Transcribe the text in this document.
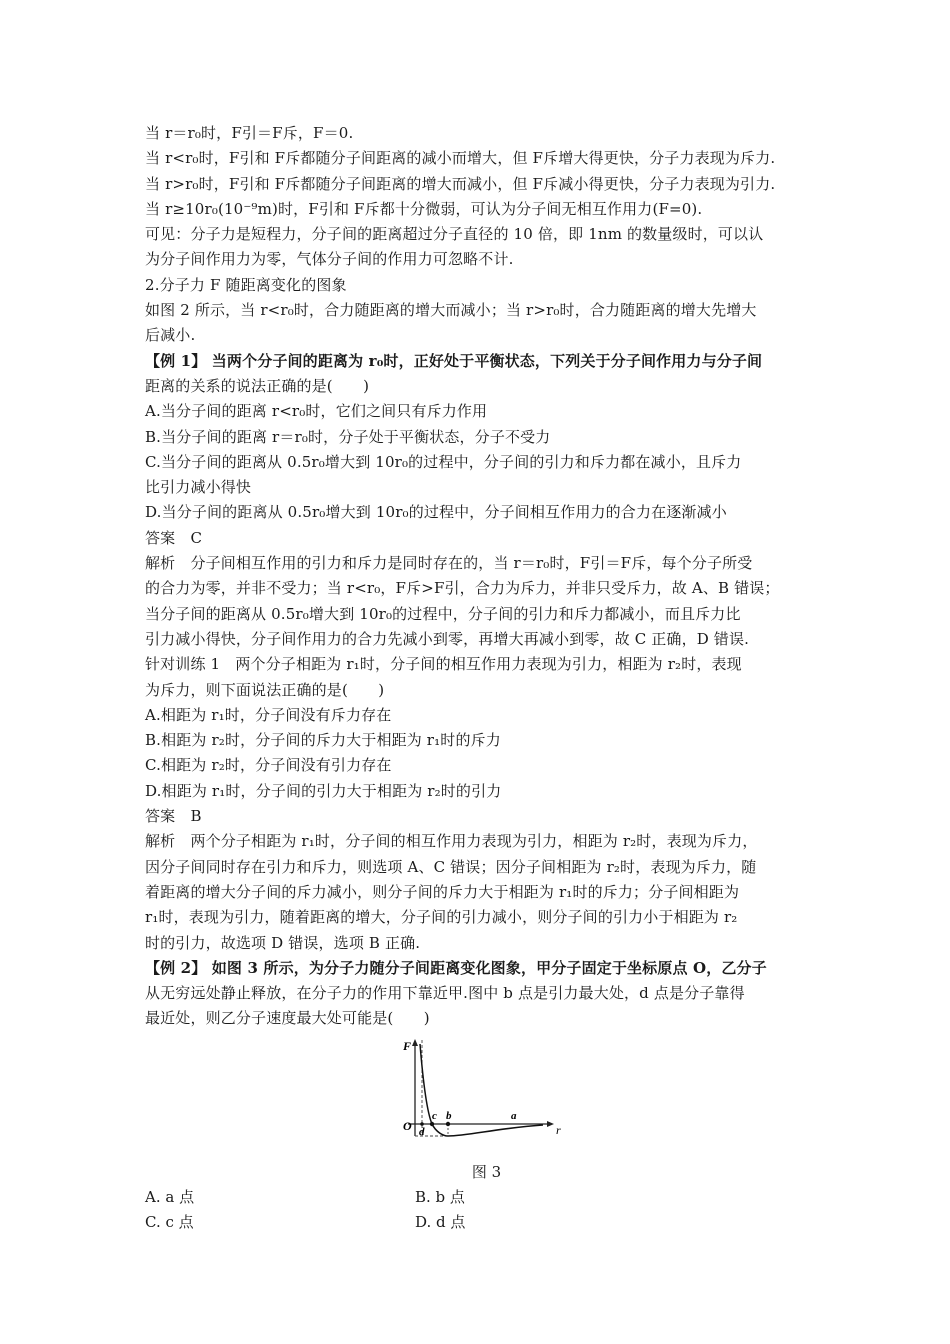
当 r＝r₀时，F引＝F斥，F＝0.
当 r<r₀时，F引和 F斥都随分子间距离的减小而增大，但 F斥增大得更快，分子力表现为斥力.
当 r>r₀时，F引和 F斥都随分子间距离的增大而减小，但 F斥减小得更快，分子力表现为引力.
当 r≥10r₀(10⁻⁹m)时，F引和 F斥都十分微弱，可认为分子间无相互作用力(F=0).
可见：分子力是短程力，分子间的距离超过分子直径的 10 倍，即 1nm 的数量级时，可以认
为分子间作用力为零，气体分子间的作用力可忽略不计.
2.分子力 F 随距离变化的图象
如图 2 所示，当 r<r₀时，合力随距离的增大而减小；当 r>r₀时，合力随距离的增大先增大
后减小.
【例 1】 当两个分子间的距离为 r₀时，正好处于平衡状态，下列关于分子间作用力与分子间
距离的关系的说法正确的是(　　)
A.当分子间的距离 r<r₀时，它们之间只有斥力作用
B.当分子间的距离 r＝r₀时，分子处于平衡状态，分子不受力
C.当分子间的距离从 0.5r₀增大到 10r₀的过程中，分子间的引力和斥力都在减小，且斥力
比引力减小得快
D.当分子间的距离从 0.5r₀增大到 10r₀的过程中，分子间相互作用力的合力在逐渐减小
答案　C
解析　分子间相互作用的引力和斥力是同时存在的，当 r＝r₀时，F引＝F斥，每个分子所受
的合力为零，并非不受力；当 r<r₀，F斥>F引，合力为斥力，并非只受斥力，故 A、B 错误；
当分子间的距离从 0.5r₀增大到 10r₀的过程中，分子间的引力和斥力都减小，而且斥力比
引力减小得快，分子间作用力的合力先减小到零，再增大再减小到零，故 C 正确，D 错误.
针对训练 1　两个分子相距为 r₁时，分子间的相互作用力表现为引力，相距为 r₂时，表现
为斥力，则下面说法正确的是(　　)
A.相距为 r₁时，分子间没有斥力存在
B.相距为 r₂时，分子间的斥力大于相距为 r₁时的斥力
C.相距为 r₂时，分子间没有引力存在
D.相距为 r₁时，分子间的引力大于相距为 r₂时的引力
答案　B
解析　两个分子相距为 r₁时，分子间的相互作用力表现为引力，相距为 r₂时，表现为斥力，
因分子间同时存在引力和斥力，则选项 A、C 错误；因分子间相距为 r₂时，表现为斥力，随
着距离的增大分子间的斥力减小，则分子间的斥力大于相距为 r₁时的斥力；分子间相距为
r₁时，表现为引力，随着距离的增大，分子间的引力减小，则分子间的引力小于相距为 r₂
时的引力，故选项 D 错误，选项 B 正确.
【例 2】 如图 3 所示，为分子力随分子间距离变化图象，甲分子固定于坐标原点 O，乙分子
从无穷远处静止释放，在分子力的作用下靠近甲.图中 b 点是引力最大处，d 点是分子靠得
最近处，则乙分子速度最大处可能是(　　)
F
O	r
c b	a
d
图 3
A. a 点	B. b 点
C. c 点	D. d 点
